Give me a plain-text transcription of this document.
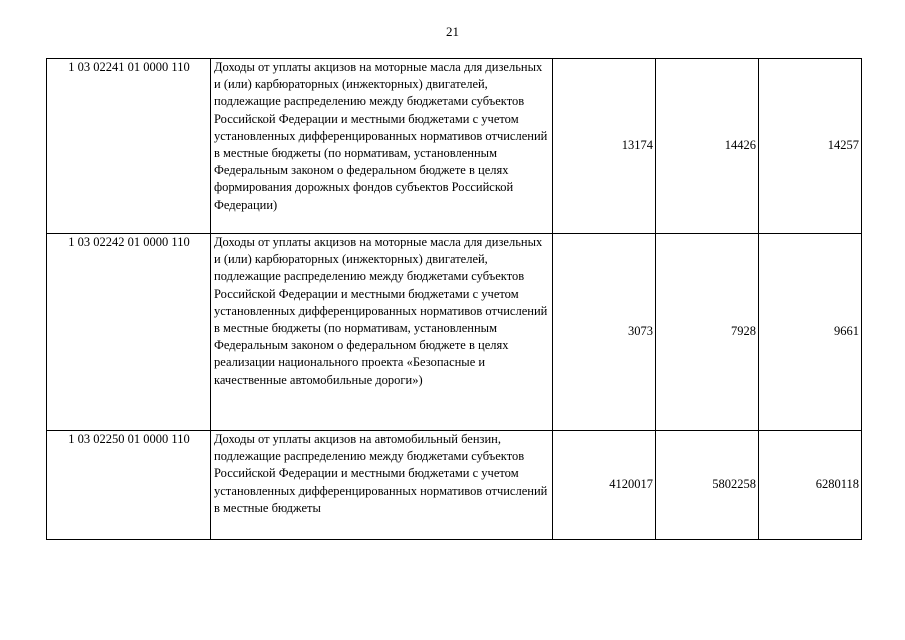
21
1 03 02241 01 0000 110	Доходы от уплаты акцизов на моторные масла для дизельных и (или) карбюраторных (инжекторных) двигателей, подлежащие распределению между бюджетами субъектов Российской Федерации и местными бюджетами с учетом установленных дифференцированных нормативов отчислений в местные бюджеты (по нормативам, установленным Федеральным законом о федеральном бюджете в целях формирования дорожных фондов субъектов Российской Федерации)	13174	14426	14257
1 03 02242 01 0000 110	Доходы от уплаты акцизов на моторные масла для дизельных и (или) карбюраторных (инжекторных) двигателей, подлежащие распределению между бюджетами субъектов Российской Федерации и местными бюджетами с учетом установленных дифференцированных нормативов отчислений в местные бюджеты (по нормативам, установленным Федеральным законом о федеральном бюджете в целях реализации национального проекта «Безопасные и качественные автомобильные дороги»)	3073	7928	9661
1 03 02250 01 0000 110	Доходы от уплаты акцизов на автомобильный бензин, подлежащие распределению между бюджетами субъектов Российской Федерации и местными бюджетами с учетом установленных дифференцированных нормативов отчислений в местные бюджеты	4120017	5802258	6280118
